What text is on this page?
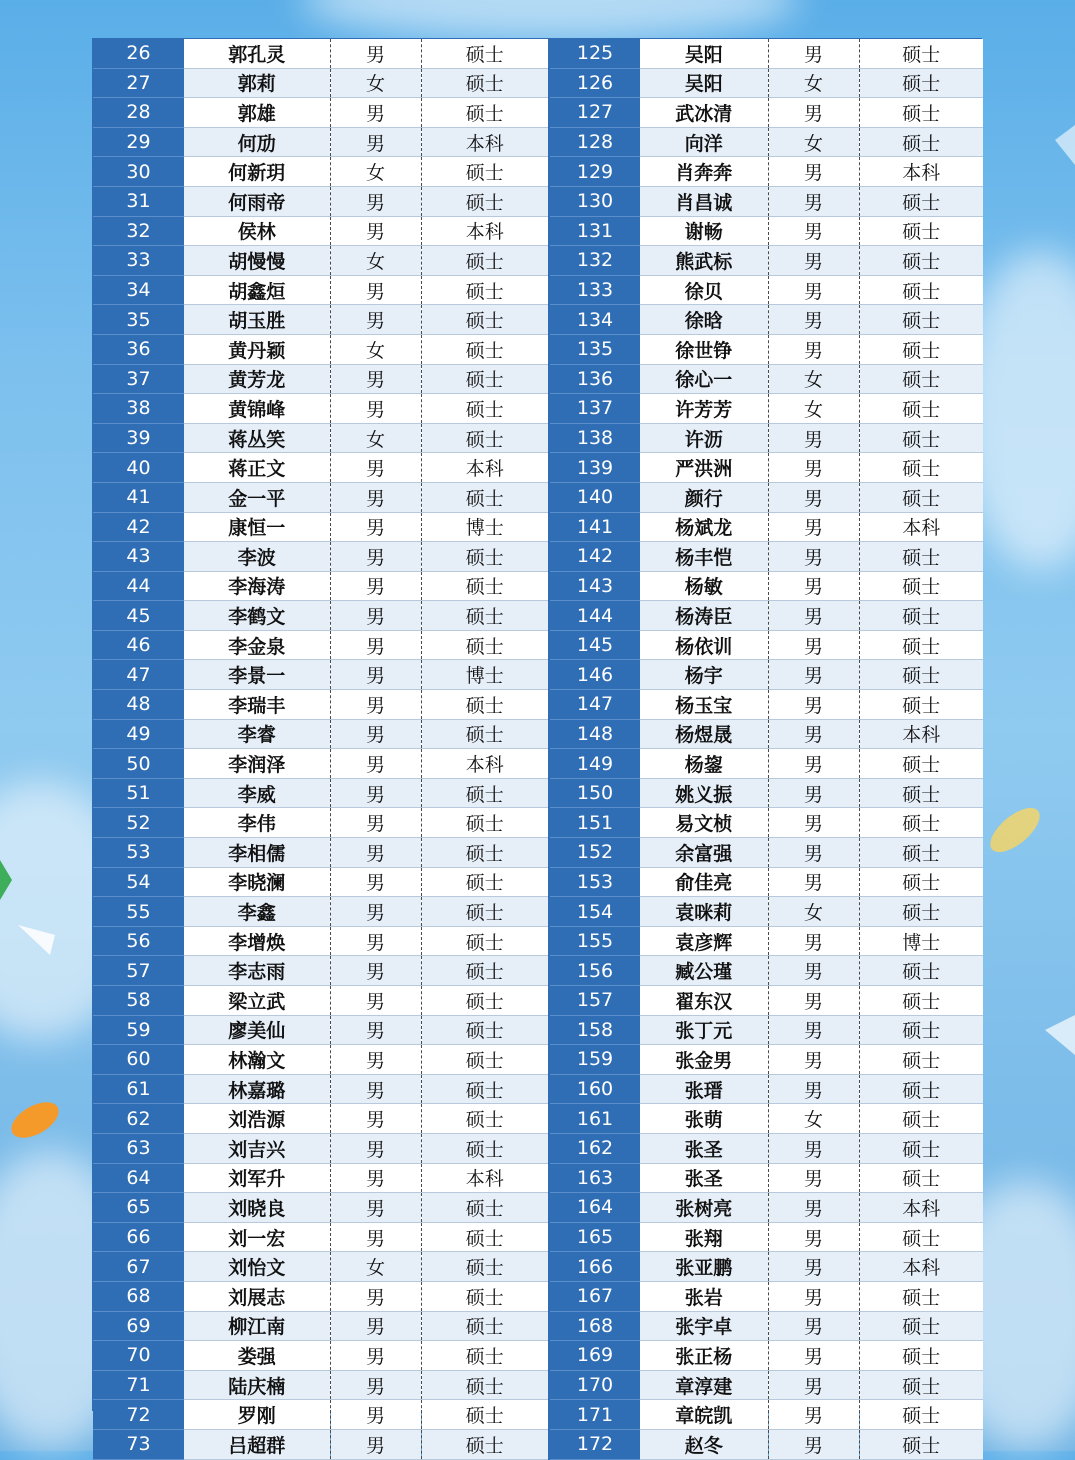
26	郭孔灵	男	硕士	125	吴阳	男	硕士
27	郭莉	女	硕士	126	吴阳	女	硕士
28	郭雄	男	硕士	127	武冰清	男	硕士
29	何劢	男	本科	128	向洋	女	硕士
30	何新玥	女	硕士	129	肖奔奔	男	本科
31	何雨帝	男	硕士	130	肖昌诚	男	硕士
32	侯林	男	本科	131	谢畅	男	硕士
33	胡慢慢	女	硕士	132	熊武标	男	硕士
34	胡鑫烜	男	硕士	133	徐贝	男	硕士
35	胡玉胜	男	硕士	134	徐晗	男	硕士
36	黄丹颖	女	硕士	135	徐世铮	男	硕士
37	黄芳龙	男	硕士	136	徐心一	女	硕士
38	黄锦峰	男	硕士	137	许芳芳	女	硕士
39	蒋丛笑	女	硕士	138	许沥	男	硕士
40	蒋正文	男	本科	139	严洪洲	男	硕士
41	金一平	男	硕士	140	颜行	男	硕士
42	康恒一	男	博士	141	杨斌龙	男	本科
43	李波	男	硕士	142	杨丰恺	男	硕士
44	李海涛	男	硕士	143	杨敏	男	硕士
45	李鹤文	男	硕士	144	杨涛臣	男	硕士
46	李金泉	男	硕士	145	杨依训	男	硕士
47	李景一	男	博士	146	杨宇	男	硕士
48	李瑞丰	男	硕士	147	杨玉宝	男	硕士
49	李睿	男	硕士	148	杨煜晟	男	本科
50	李润泽	男	本科	149	杨鋆	男	硕士
51	李威	男	硕士	150	姚义振	男	硕士
52	李伟	男	硕士	151	易文桢	男	硕士
53	李相儒	男	硕士	152	余富强	男	硕士
54	李晓澜	男	硕士	153	俞佳亮	男	硕士
55	李鑫	男	硕士	154	袁咪莉	女	硕士
56	李增焕	男	硕士	155	袁彦辉	男	博士
57	李志雨	男	硕士	156	臧公瑾	男	硕士
58	梁立武	男	硕士	157	翟东汉	男	硕士
59	廖美仙	男	硕士	158	张丁元	男	硕士
60	林瀚文	男	硕士	159	张金男	男	硕士
61	林嘉璐	男	硕士	160	张瑨	男	硕士
62	刘浩源	男	硕士	161	张萌	女	硕士
63	刘吉兴	男	硕士	162	张圣	男	硕士
64	刘军升	男	本科	163	张圣	男	硕士
65	刘晓良	男	硕士	164	张树亮	男	本科
66	刘一宏	男	硕士	165	张翔	男	硕士
67	刘怡文	女	硕士	166	张亚鹏	男	本科
68	刘展志	男	硕士	167	张岩	男	硕士
69	柳江南	男	硕士	168	张宇卓	男	硕士
70	娄强	男	硕士	169	张正杨	男	硕士
71	陆庆楠	男	硕士	170	章淳建	男	硕士
72	罗刚	男	硕士	171	章皖凯	男	硕士
73	吕超群	男	硕士	172	赵冬	男	硕士
